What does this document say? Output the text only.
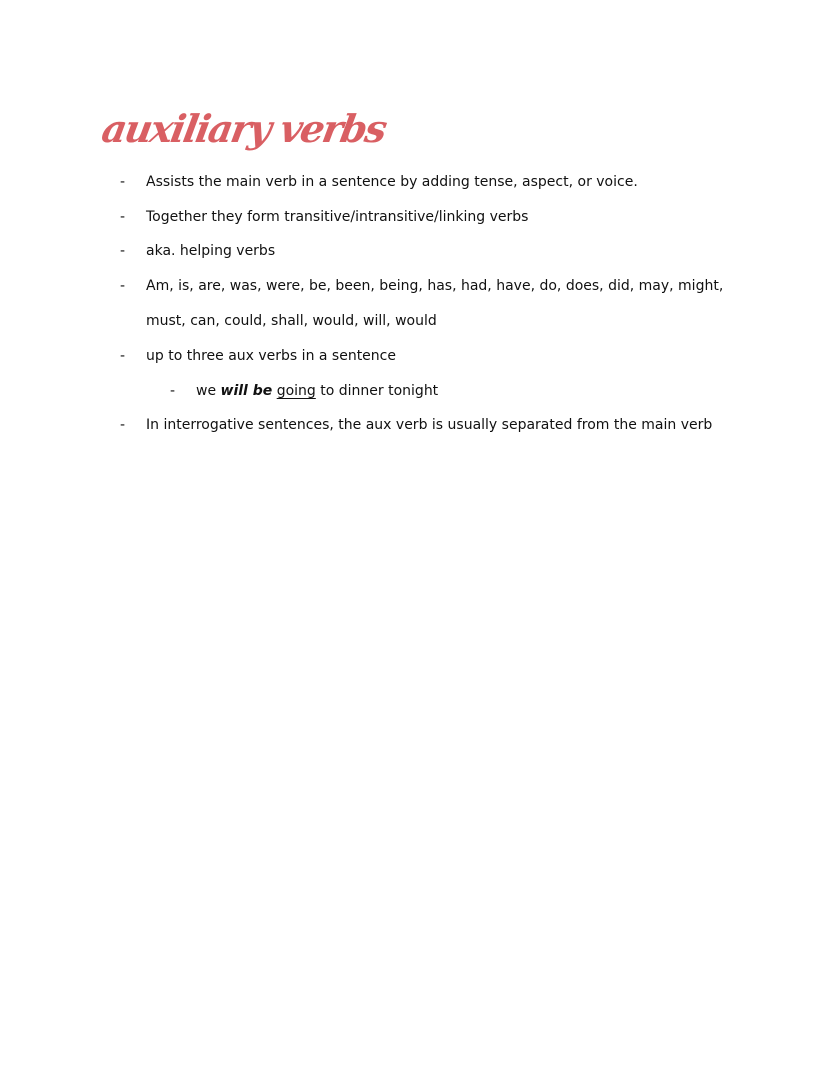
auxiliary verbs
- Assists the main verb in a sentence by adding tense, aspect, or voice.
- Together they form transitive/intransitive/linking verbs
- aka. helping verbs
- Am, is, are, was, were, be, been, being, has, had, have, do, does, did, may, might,
must, can, could, shall, would, will, would
- up to three aux verbs in a sentence
- we will be going to dinner tonight
- In interrogative sentences, the aux verb is usually separated from the main verb
